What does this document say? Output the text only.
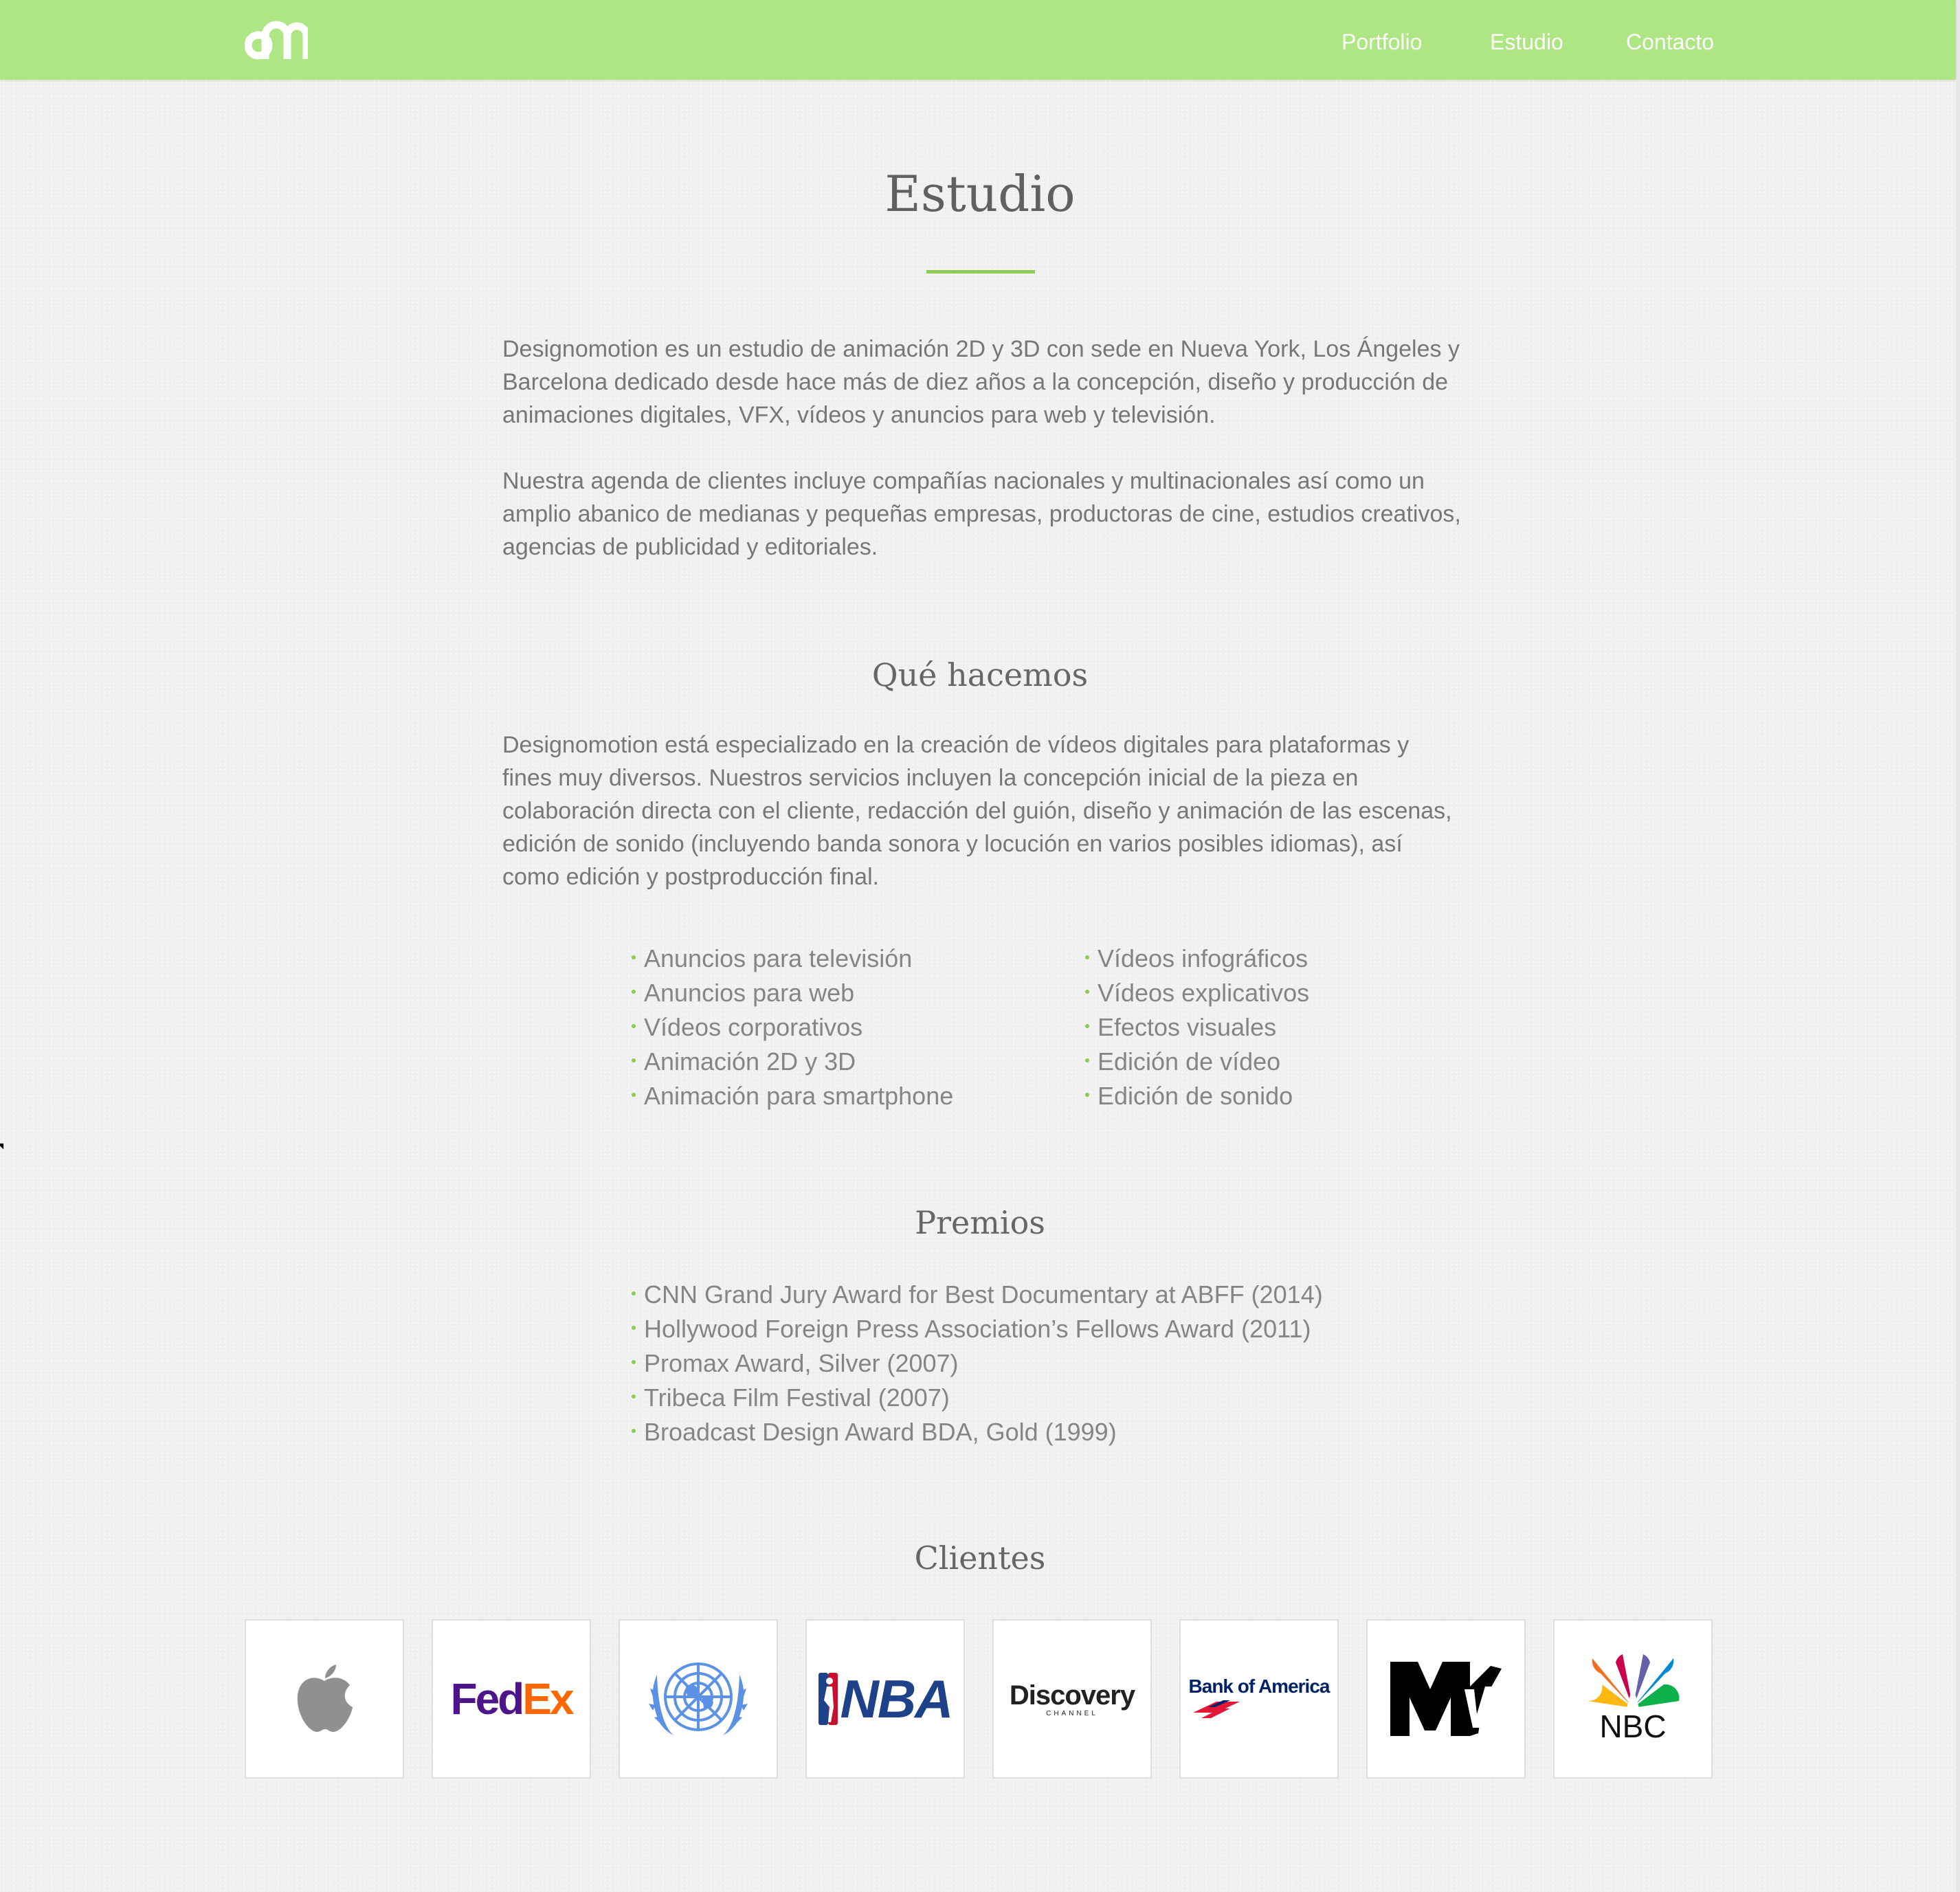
Portfolio	Estudio	Contacto
Estudio

Designomotion es un estudio de animación 2D y 3D con sede en Nueva York, Los Ángeles y Barcelona dedicado desde hace más de diez años a la concepción, diseño y producción de animaciones digitales, VFX, vídeos y anuncios para web y televisión.

Nuestra agenda de clientes incluye compañías nacionales y multinacionales así como un amplio abanico de medianas y pequeñas empresas, productoras de cine, estudios creativos, agencias de publicidad y editoriales.

Qué hacemos

Designomotion está especializado en la creación de vídeos digitales para plataformas y fines muy diversos. Nuestros servicios incluyen la concepción inicial de la pieza en colaboración directa con el cliente, redacción del guión, diseño y animación de las escenas, edición de sonido (incluyendo banda sonora y locución en varios posibles idiomas), así como edición y postproducción final.

Anuncios para televisión
Anuncios para web
Vídeos corporativos
Animación 2D y 3D
Animación para smartphone
Vídeos infográficos
Vídeos explicativos
Efectos visuales
Edición de vídeo
Edición de sonido
Premios
CNN Grand Jury Award for Best Documentary at ABFF (2014)
Hollywood Foreign Press Association’s Fellows Award (2011)
Promax Award, Silver (2007)
Tribeca Film Festival (2007)
Broadcast Design Award BDA, Gold (1999)
Clientes
FedEx	NBA Discovery
CHANNEL
Bank of America
NBC
